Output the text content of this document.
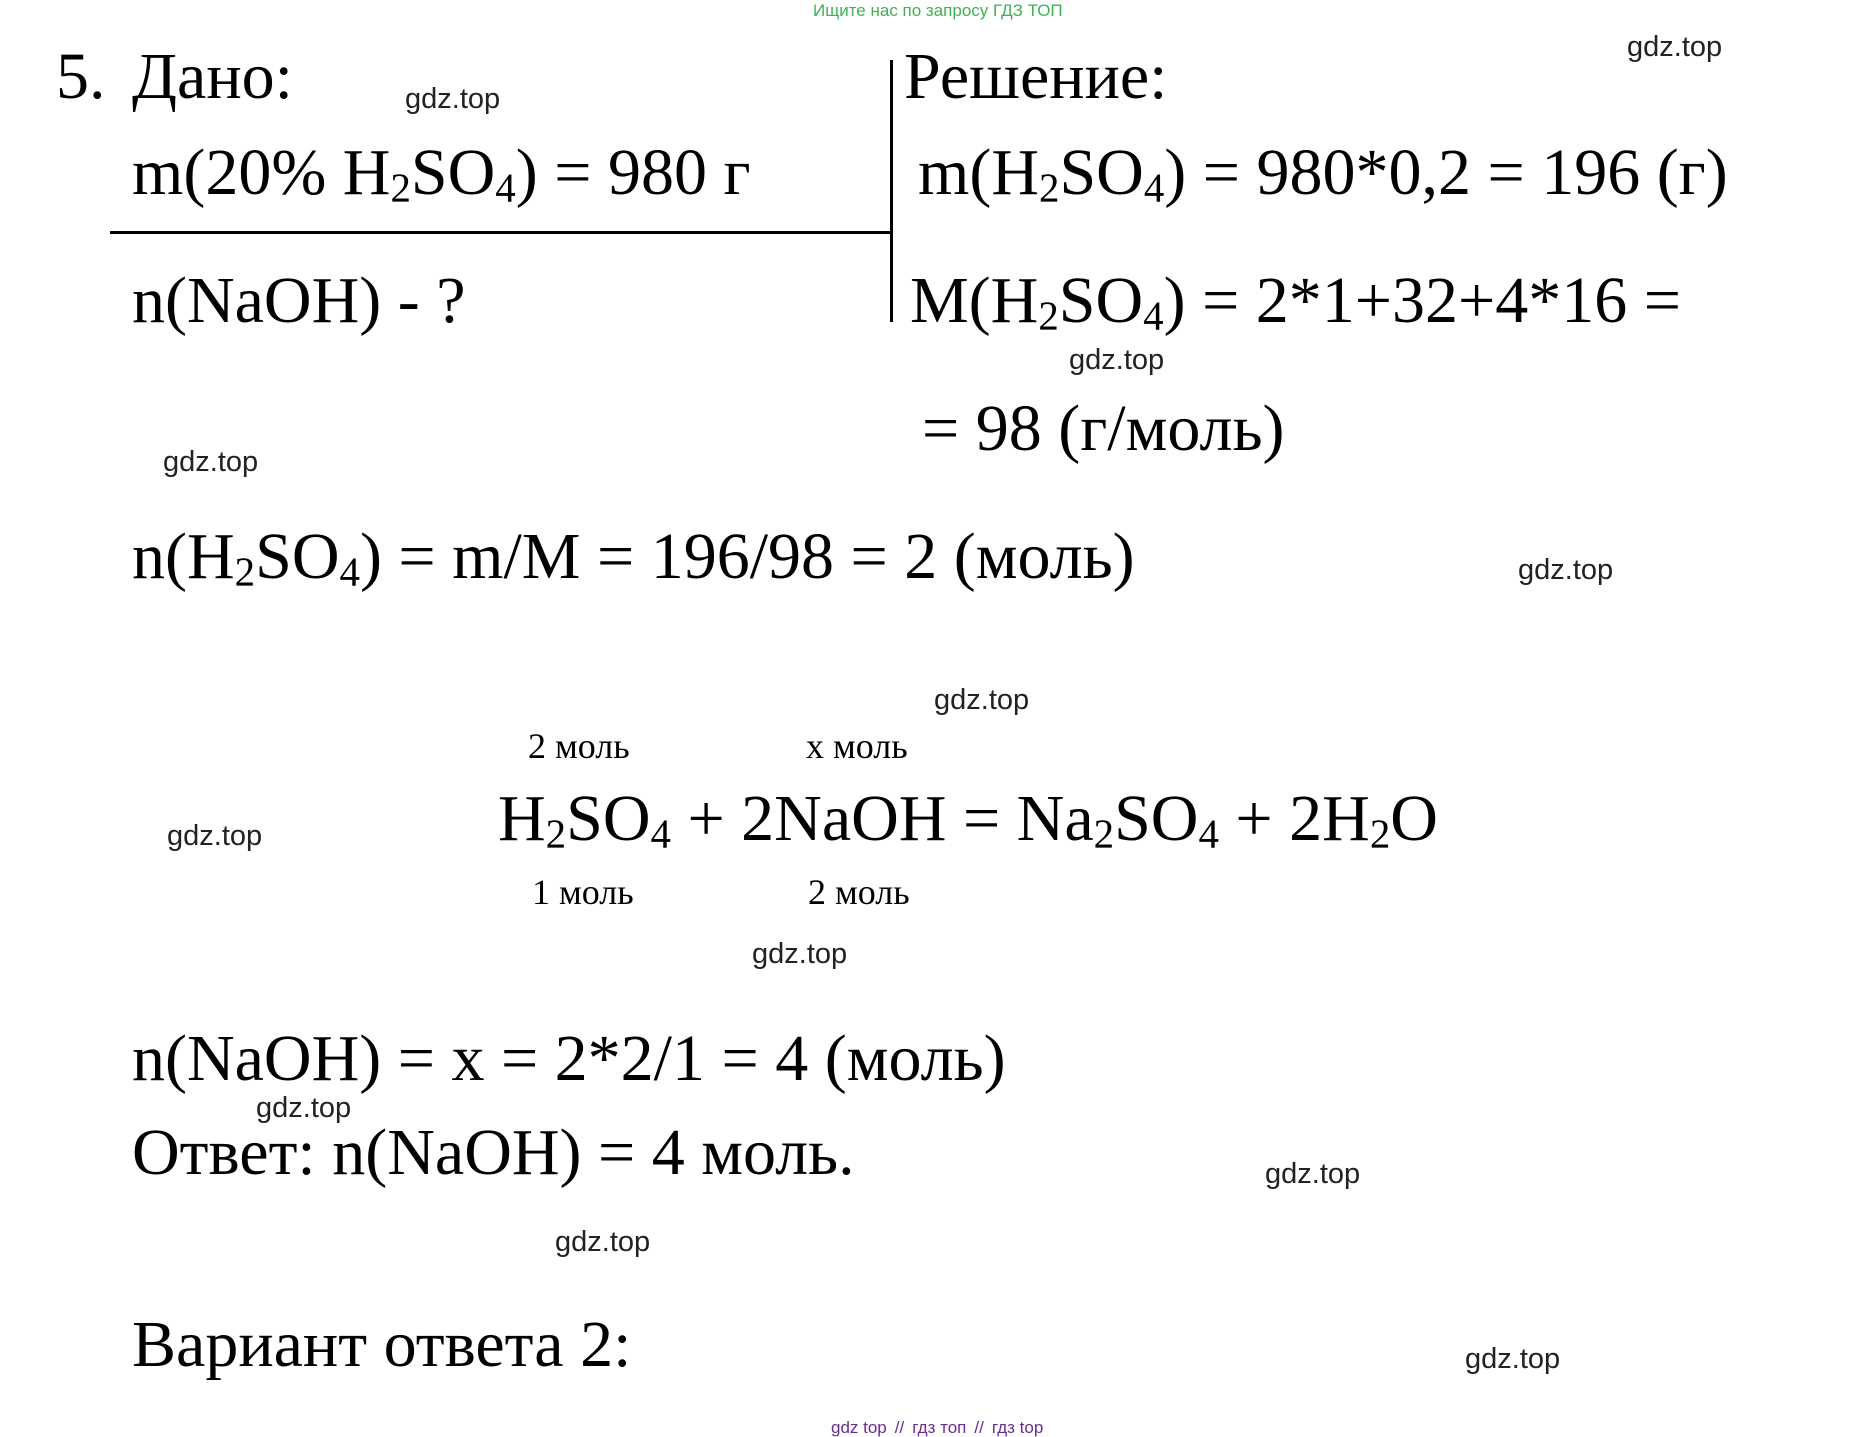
Ищите нас по запросу ГДЗ ТОП
5. Дано:	Решение:
m(20% $H_2SO_4) = 980$ г
n(NaOH) - ?
$m(H_2SO_4) = 980*0,2 = 196$ (г)
$M(H_2SO_4) = 2*1+32+4*16$ =
= 98 (г/моль)
$n(H_2SO_4) = m/M = 196/98 = 2$ (моль)
2 моль	x моль
$H_2SO_4$ + 2NaOH = $Na_2SO_4 + 2H_2O$
1 моль	2 моль
n(NaOH) = x = 2*2/1 = 4 (моль)
Ответ: n(NaOH) = 4 моль.
Вариант ответа 2:
gdz.top
gdz.top
gdz.top
gdz.top
gdz.top
gdz.top
gdz.top
gdz.top
gdz.top
gdz.top
gdz.top
gdz.top
gdz top // гдз топ // гдз top
